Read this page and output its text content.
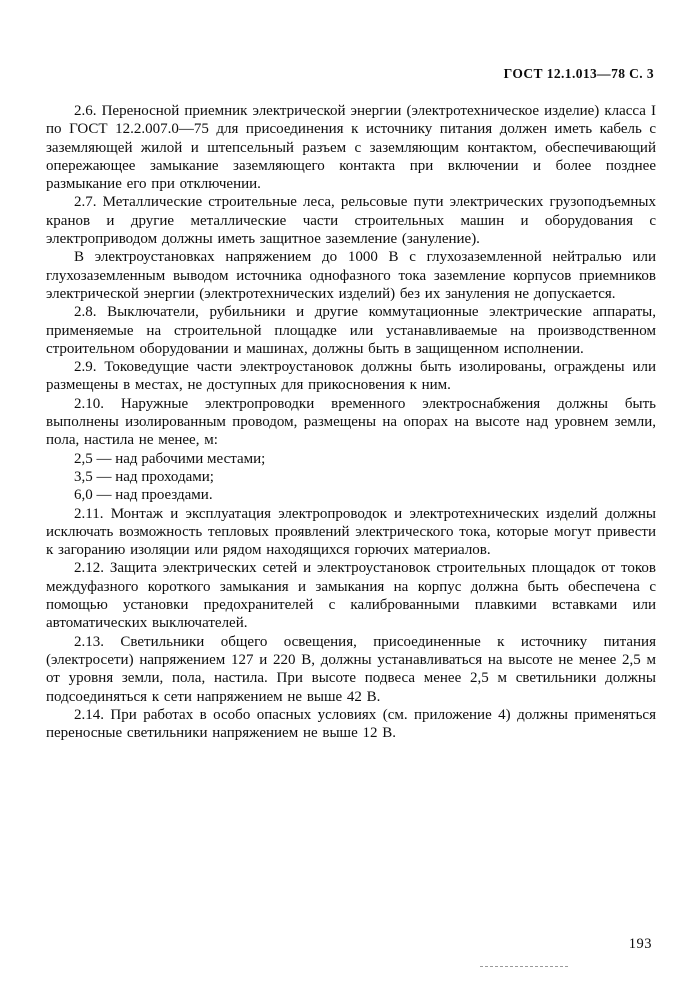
ГОСТ 12.1.013—78 С. 3

2.6. Переносной приемник электрической энергии (электротехническое изделие) класса I по ГОСТ 12.2.007.0—75 для присоединения к источнику питания должен иметь кабель с заземляющей жилой и штепсельный разъем с заземляющим контактом, обеспечивающий опережающее замыкание заземляющего контакта при включении и более позднее размыкание его при отключении.

2.7. Металлические строительные леса, рельсовые пути электрических грузоподъемных кранов и другие металлические части строительных машин и оборудования с электроприводом должны иметь защитное заземление (зануление).

В электроустановках напряжением до 1000 В с глухозаземленной нейтралью или глухозаземленным выводом источника однофазного тока заземление корпусов приемников электрической энергии (электротехнических изделий) без их зануления не допускается.

2.8. Выключатели, рубильники и другие коммутационные электрические аппараты, применяемые на строительной площадке или устанавливаемые на производственном строительном оборудовании и машинах, должны быть в защищенном исполнении.

2.9. Токоведущие части электроустановок должны быть изолированы, ограждены или размещены в местах, не доступных для прикосновения к ним.

2.10. Наружные электропроводки временного электроснабжения должны быть выполнены изолированным проводом, размещены на опорах на высоте над уровнем земли, пола, настила не менее, м:

2,5 — над рабочими местами;

3,5 — над проходами;

6,0 — над проездами.

2.11. Монтаж и эксплуатация электропроводок и электротехнических изделий должны исключать возможность тепловых проявлений электрического тока, которые могут привести к загоранию изоляции или рядом находящихся горючих материалов.

2.12. Защита электрических сетей и электроустановок строительных площадок от токов междуфазного короткого замыкания и замыкания на корпус должна быть обеспечена с помощью установки предохранителей с калиброванными плавкими вставками или автоматических выключателей.

2.13. Светильники общего освещения, присоединенные к источнику питания (электросети) напряжением 127 и 220 В, должны устанавливаться на высоте не менее 2,5 м от уровня земли, пола, настила. При высоте подвеса менее 2,5 м светильники должны подсоединяться к сети напряжением не выше 42 В.

2.14. При работах в особо опасных условиях (см. приложение 4) должны применяться переносные светильники напряжением не выше 12 В.

193
